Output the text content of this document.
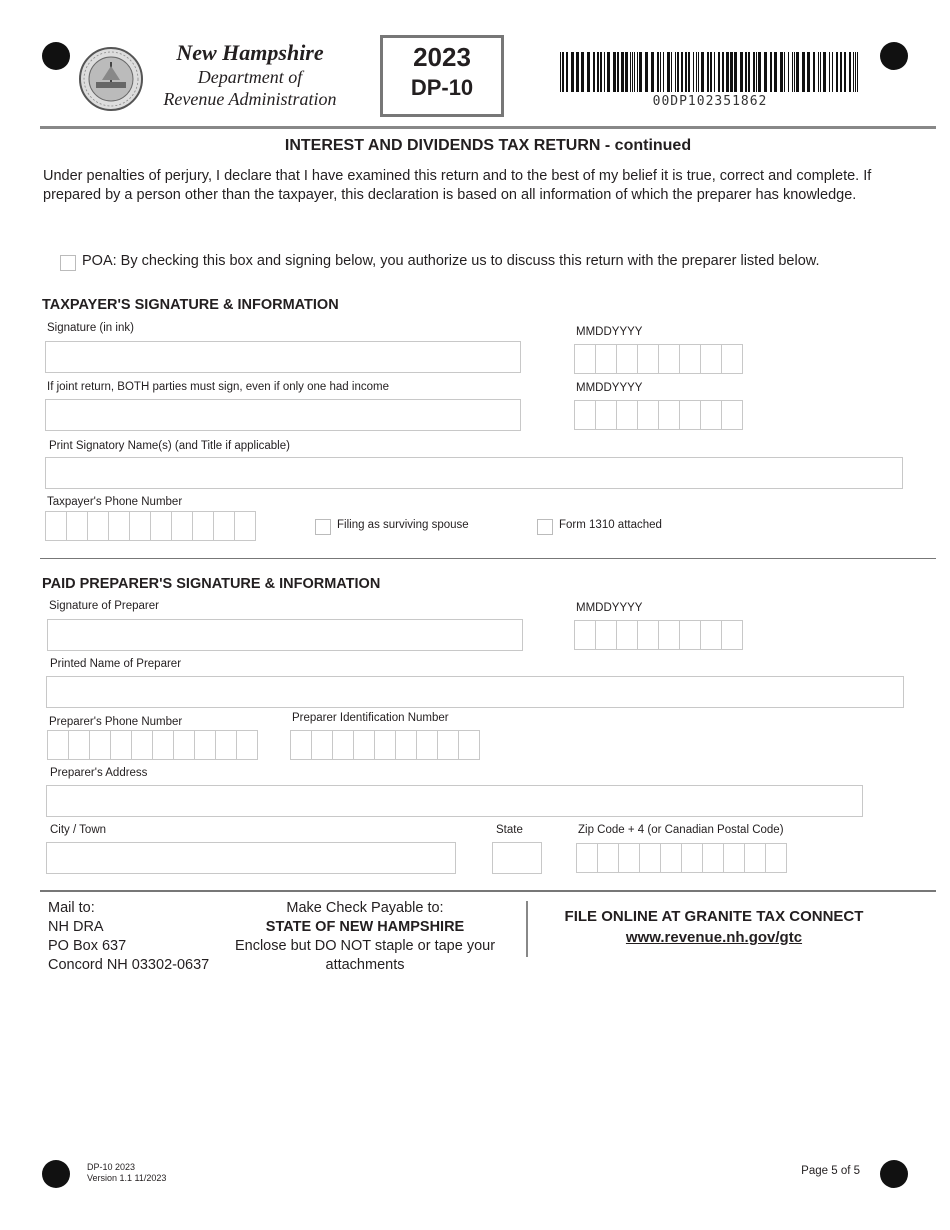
New Hampshire
Department of
Revenue Administration
2023
DP-10
00DP102351862
INTEREST AND DIVIDENDS TAX RETURN - continued
Under penalties of perjury, I declare that I have examined this return and to the best of my belief it is true, correct and complete. If prepared by a person other than the taxpayer, this declaration is based on all information of which the preparer has knowledge.
POA: By checking this box and signing below, you authorize us to discuss this return with the preparer listed below.
TAXPAYER'S SIGNATURE & INFORMATION
Signature (in ink)	MMDDYYYY
If joint return, BOTH parties must sign, even if only one had income	MMDDYYYY
Print Signatory Name(s) (and Title if applicable)
Taxpayer's Phone Number
Filing as surviving spouse	Form 1310 attached
PAID PREPARER'S SIGNATURE & INFORMATION
Signature of Preparer	MMDDYYYY
Printed Name of Preparer
Preparer's Phone Number	Preparer Identification Number
Preparer's Address
City / Town	State	Zip Code + 4 (or Canadian Postal Code)
Mail to:
NH DRA
PO Box 637
Concord NH 03302-0637
Make Check Payable to:
STATE OF NEW HAMPSHIRE
Enclose but DO NOT staple or tape your
attachments
FILE ONLINE AT GRANITE TAX CONNECT
www.revenue.nh.gov/gtc
DP-10 2023
Version 1.1 11/2023
Page 5 of 5
